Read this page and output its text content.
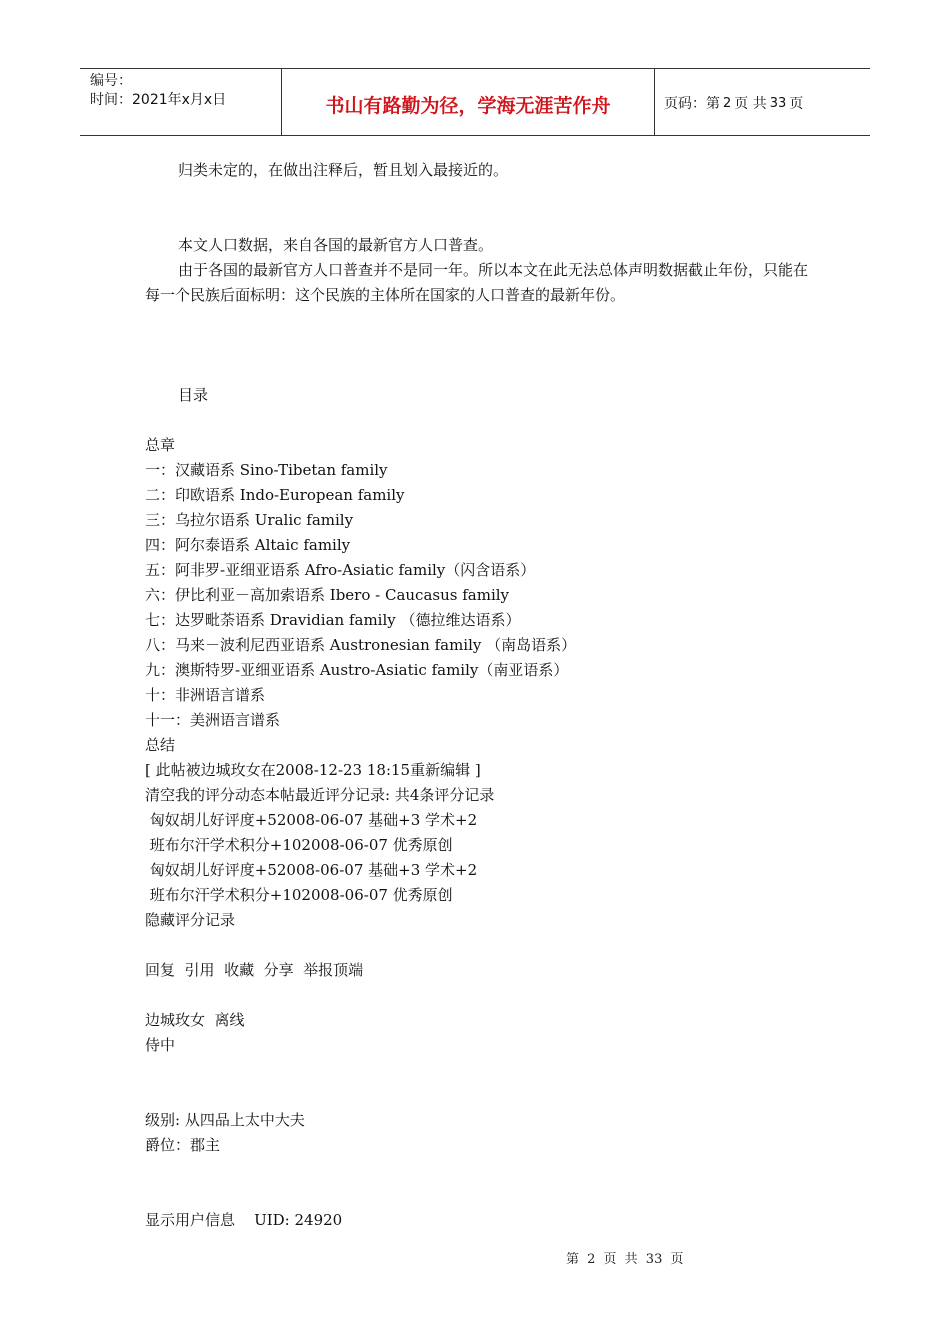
编号：
时间：2021年x月x日	书山有路勤为径，学海无涯苦作舟	页码：第 2 页 共 33 页

归类未定的，在做出注释后，暂且划入最接近的。

本文人口数据，来自各国的最新官方人口普查。

由于各国的最新官方人口普查并不是同一年。所以本文在此无法总体声明数据截止年份，只能在每一个民族后面标明：这个民族的主体所在国家的人口普查的最新年份。

目录

总章

一：汉藏语系 Sino-Tibetan family

二：印欧语系 Indo-European family

三：乌拉尔语系 Uralic family

四：阿尔泰语系 Altaic family

五：阿非罗-亚细亚语系 Afro-Asiatic family（闪含语系）

六：伊比利亚－高加索语系 Ibero - Caucasus family

七：达罗毗荼语系 Dravidian family （德拉维达语系）

八：马来－波利尼西亚语系 Austronesian family （南岛语系）

九：澳斯特罗-亚细亚语系 Austro-Asiatic family（南亚语系）

十：非洲语言谱系

十一：美洲语言谱系

总结

[ 此帖被边城玫女在2008-12-23 18:15重新编辑 ]

清空我的评分动态本帖最近评分记录: 共4条评分记录

匈奴胡儿好评度+52008-06-07 基础+3 学术+2

班布尔汗学术积分+102008-06-07 优秀原创

匈奴胡儿好评度+52008-06-07 基础+3 学术+2

班布尔汗学术积分+102008-06-07 优秀原创

隐藏评分记录

回复  引用  收藏  分享  举报顶端

边城玫女  离线

侍中

级别: 从四品上太中大夫

爵位：郡主

显示用户信息    UID: 24920

第 2 页 共 33 页
